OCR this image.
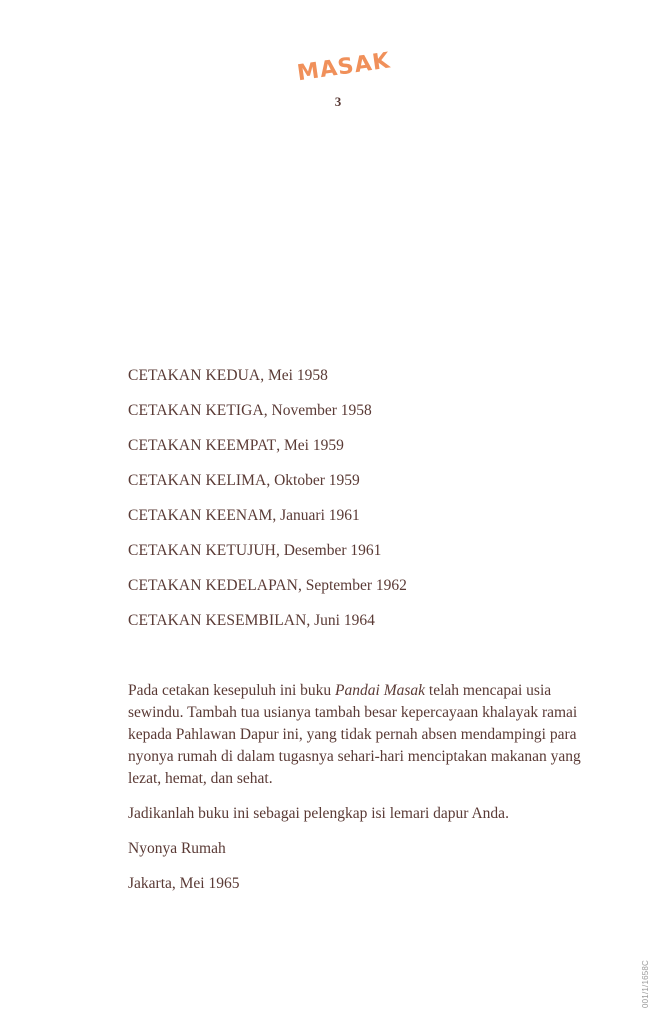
MASAK
3
CETAKAN KEDUA, Mei 1958
CETAKAN KETIGA, November 1958
CETAKAN KEEMPAT, Mei 1959
CETAKAN KELIMA, Oktober 1959
CETAKAN KEENAM, Januari 1961
CETAKAN KETUJUH, Desember 1961
CETAKAN KEDELAPAN, September 1962
CETAKAN KESEMBILAN, Juni 1964

Pada cetakan kesepuluh ini buku Pandai Masak telah mencapai usia sewindu. Tambah tua usianya tambah besar kepercayaan khalayak ramai kepada Pahlawan Dapur ini, yang tidak pernah absen mendampingi para nyonya rumah di dalam tugasnya sehari-hari menciptakan makanan yang lezat, hemat, dan sehat.

Jadikanlah buku ini sebagai pelengkap isi lemari dapur Anda.

Nyonya Rumah

Jakarta, Mei 1965

001/1/1658C
